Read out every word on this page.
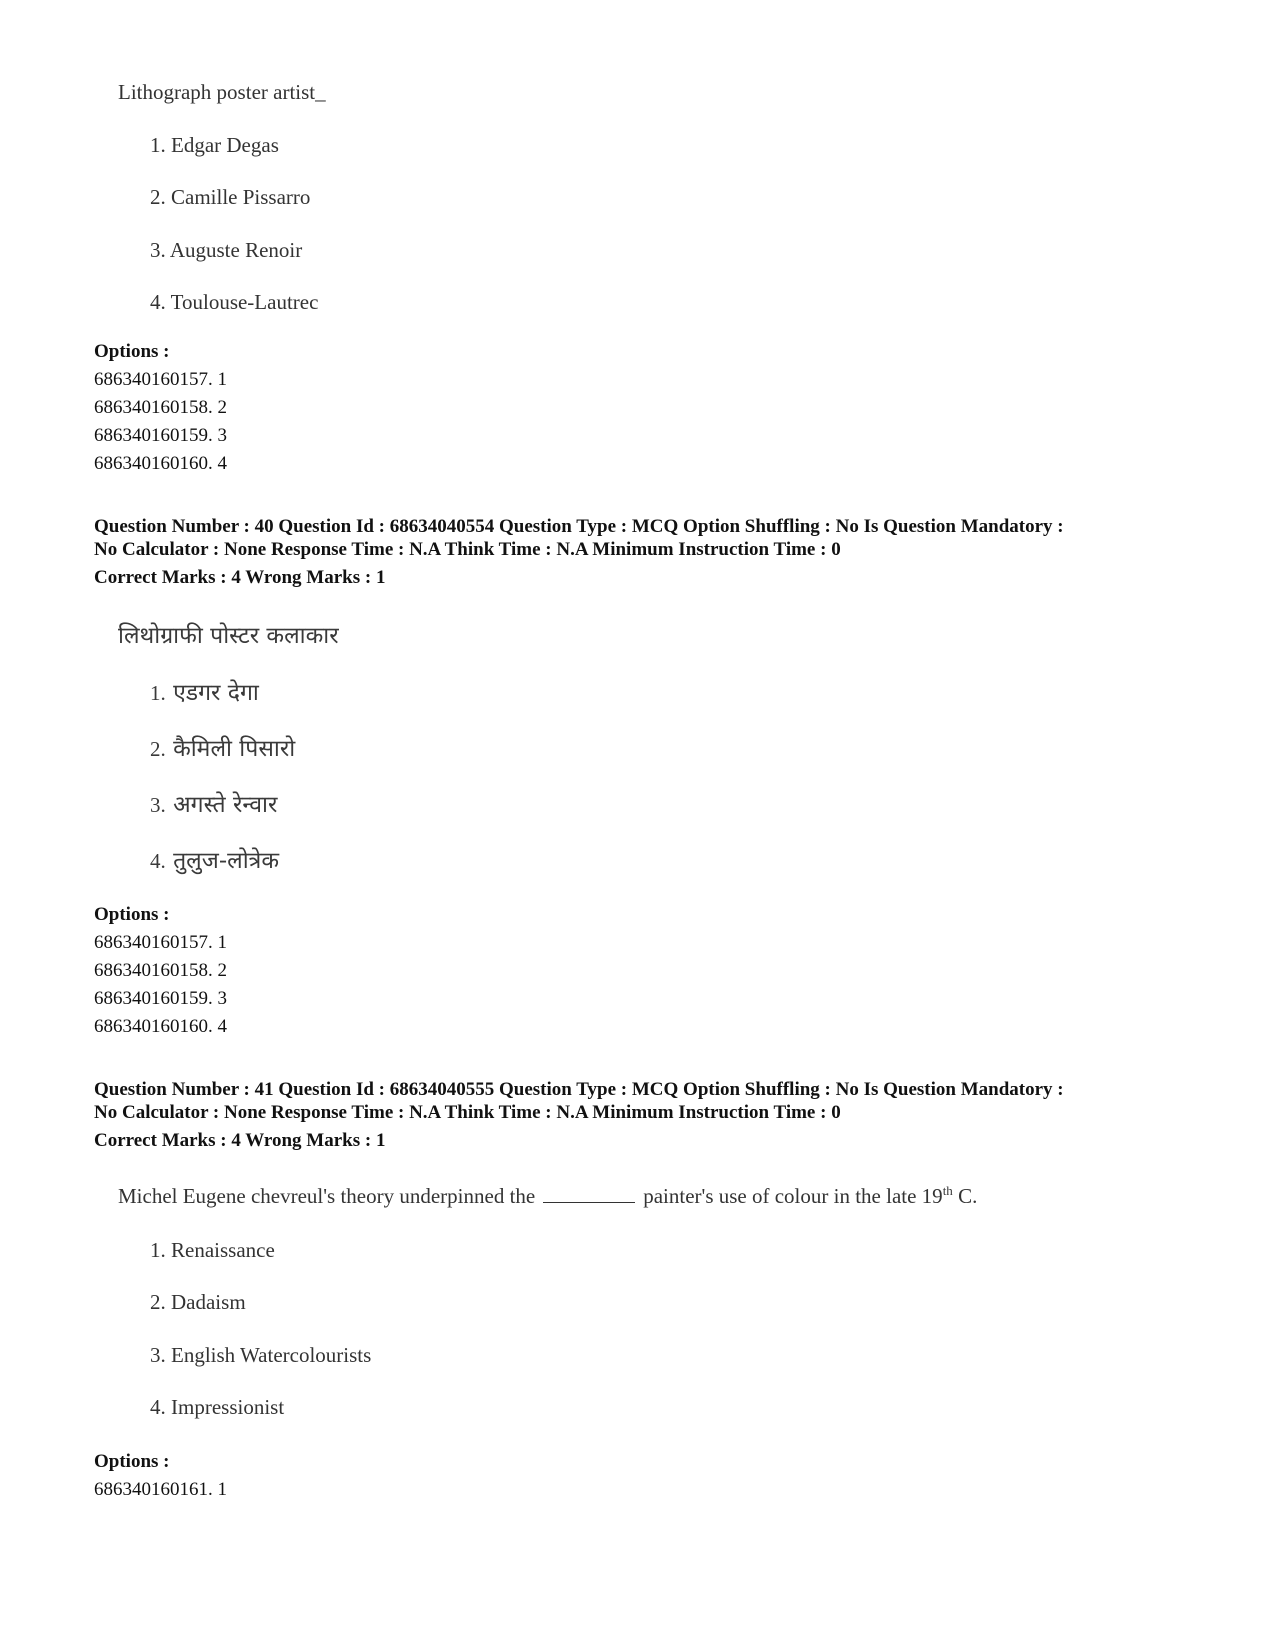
Lithograph poster artist_
1. Edgar Degas
2. Camille Pissarro
3. Auguste Renoir
4. Toulouse-Lautrec
Options :
686340160157. 1
686340160158. 2
686340160159. 3
686340160160. 4
Question Number : 40 Question Id : 68634040554 Question Type : MCQ Option Shuffling : No Is Question Mandatory :
No Calculator : None Response Time : N.A Think Time : N.A Minimum Instruction Time : 0
Correct Marks : 4 Wrong Marks : 1
लिथोग्राफी पोस्टर कलाकार
1. एडगर देगा
2. कैमिली पिसारो
3. अगस्ते रेन्वार
4. तुलुज-लोत्रेक
Options :
686340160157. 1
686340160158. 2
686340160159. 3
686340160160. 4
Question Number : 41 Question Id : 68634040555 Question Type : MCQ Option Shuffling : No Is Question Mandatory :
No Calculator : None Response Time : N.A Think Time : N.A Minimum Instruction Time : 0
Correct Marks : 4 Wrong Marks : 1
Michel Eugene chevreul's theory underpinned the	painter's use of colour in the late 19th C.
1. Renaissance
2. Dadaism
3. English Watercolourists
4. Impressionist
Options :
686340160161. 1
